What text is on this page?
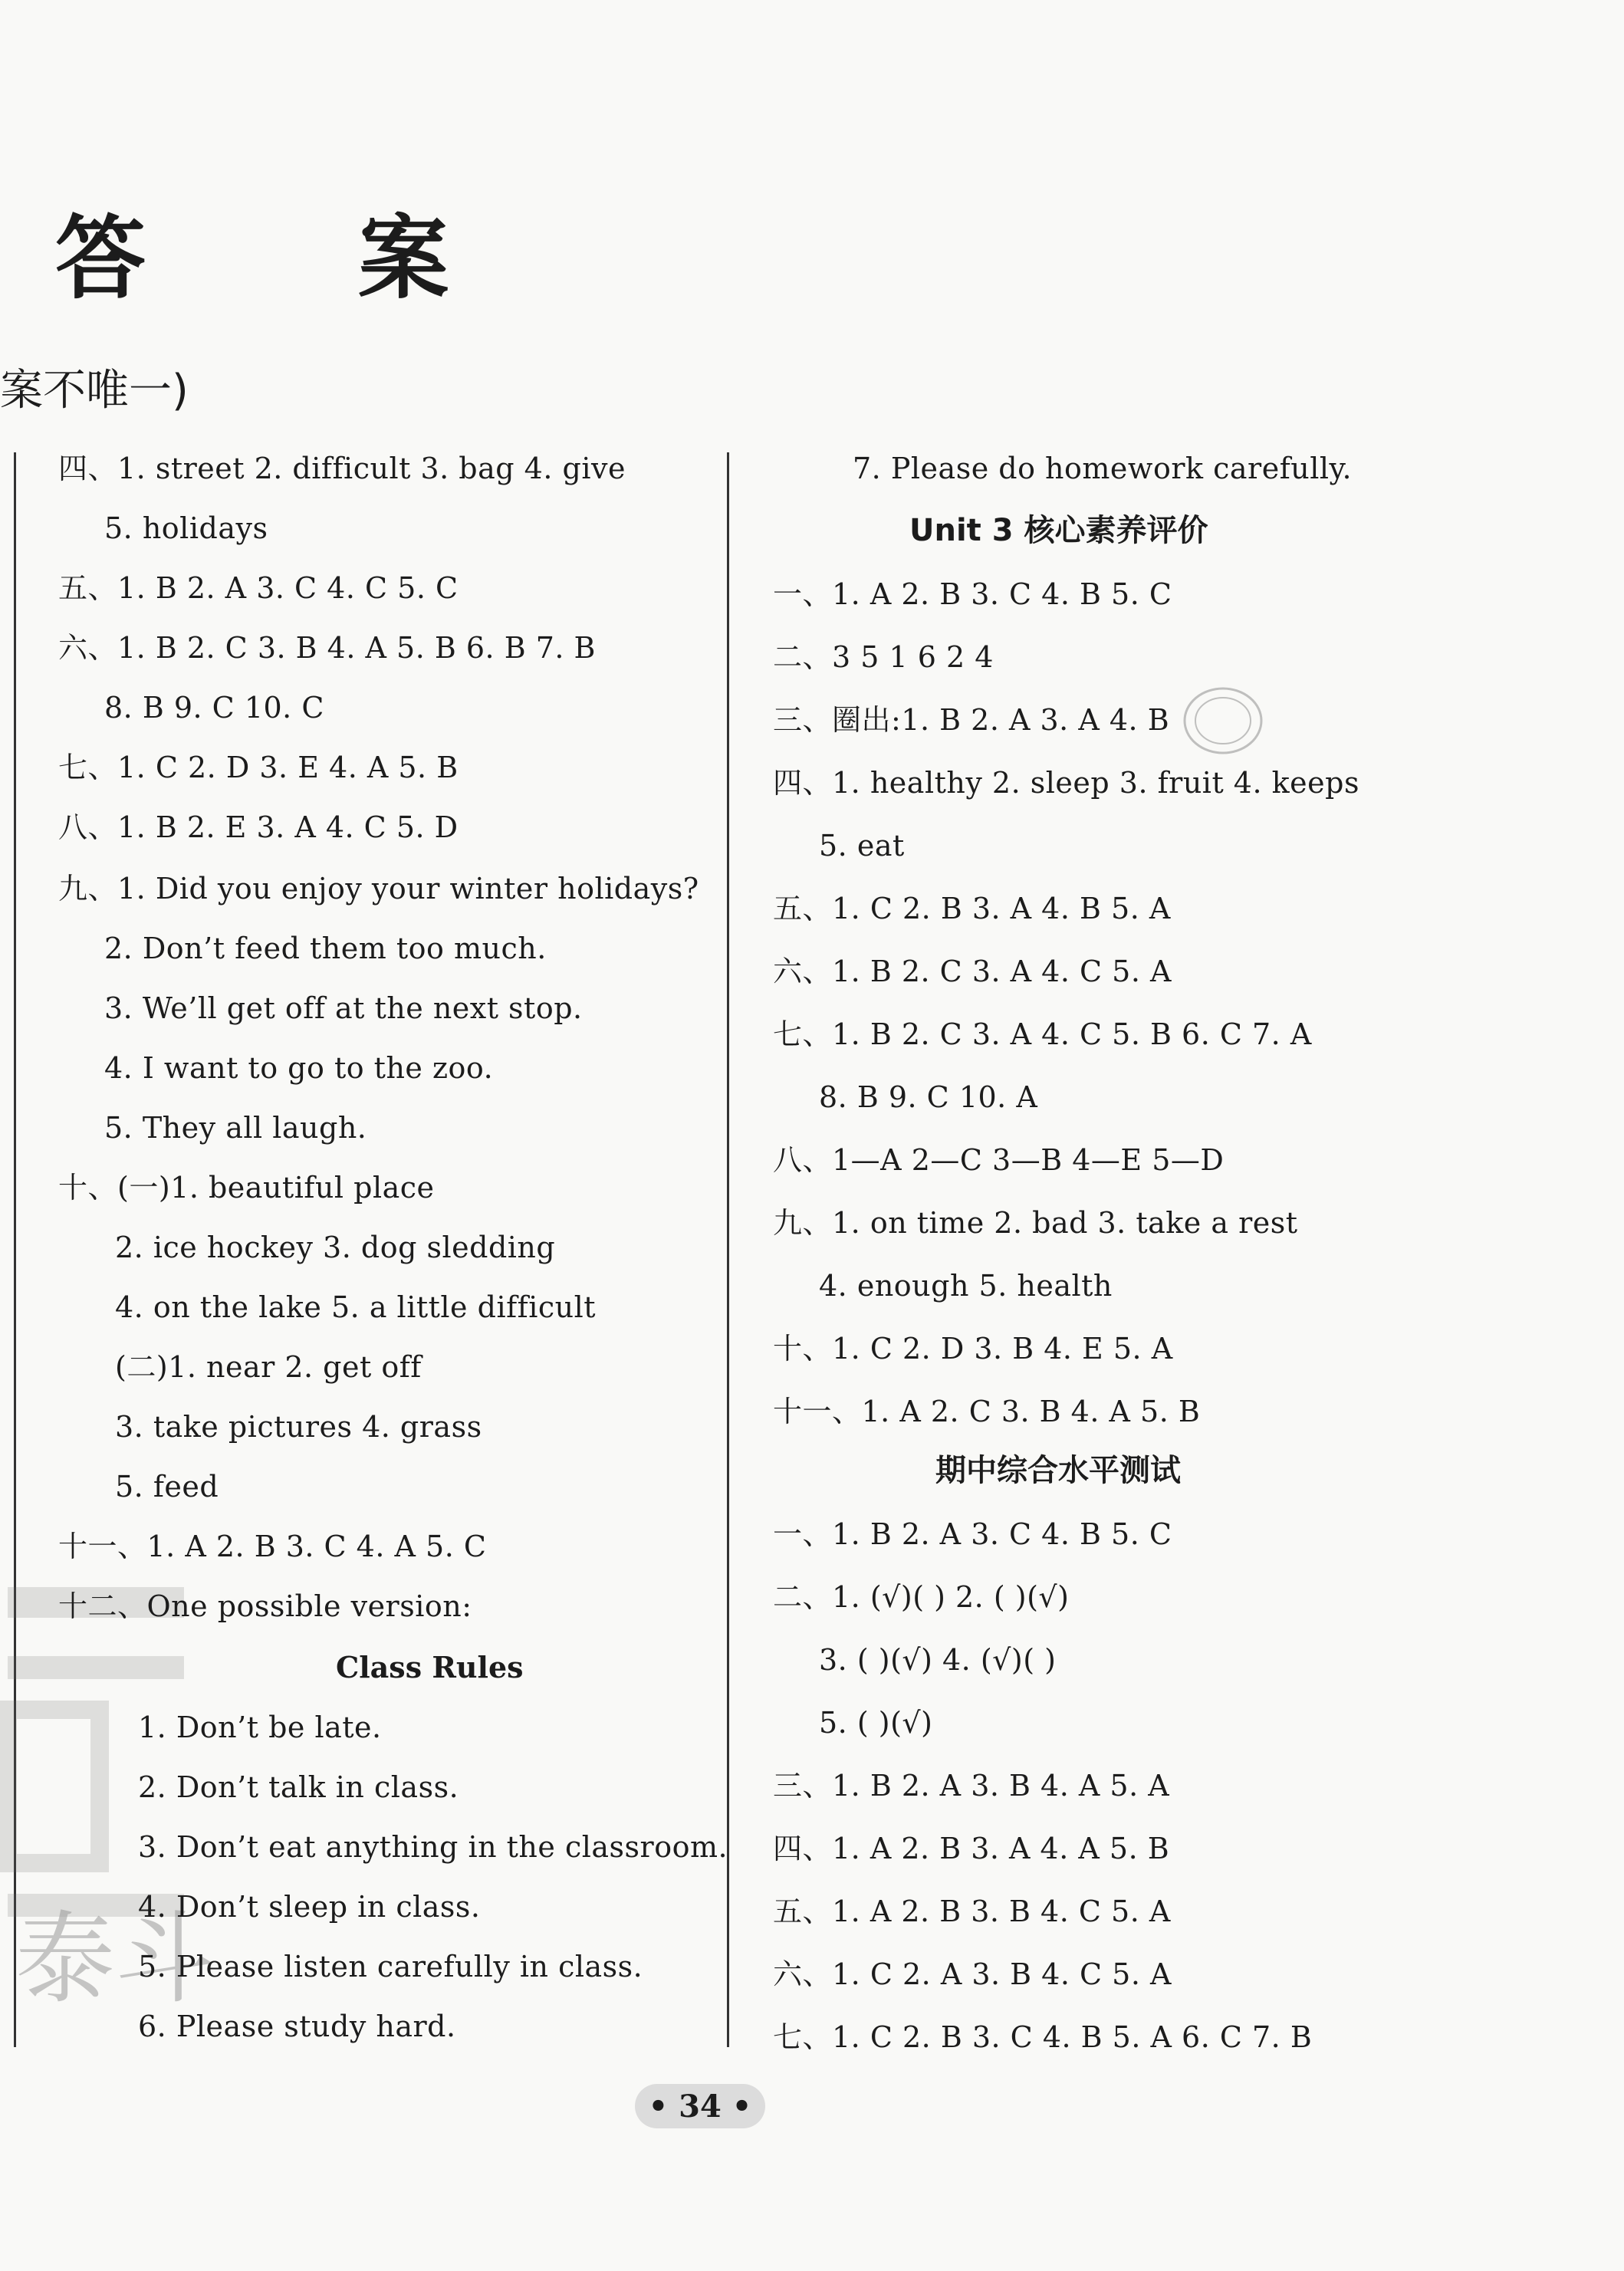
答 案
案不唯一)
泰斗
四、1. street 2. difficult 3. bag 4. give
5. holidays
五、1. B 2. A 3. C 4. C 5. C
六、1. B 2. C 3. B 4. A 5. B 6. B 7. B
8. B 9. C 10. C
七、1. C 2. D 3. E 4. A 5. B
八、1. B 2. E 3. A 4. C 5. D
九、1. Did you enjoy your winter holidays?
2. Don’t feed them too much.
3. We’ll get off at the next stop.
4. I want to go to the zoo.
5. They all laugh.
十、(一)1. beautiful place
2. ice hockey 3. dog sledding
4. on the lake 5. a little difficult
(二)1. near 2. get off
3. take pictures 4. grass
5. feed
十一、1. A 2. B 3. C 4. A 5. C
十二、One possible version:
Class Rules
1. Don’t be late.
2. Don’t talk in class.
3. Don’t eat anything in the classroom.
4. Don’t sleep in class.
5. Please listen carefully in class.
6. Please study hard.
7. Please do homework carefully.
Unit 3 核心素养评价
一、1. A 2. B 3. C 4. B 5. C
二、3 5 1 6 2 4
三、圈出:1. B 2. A 3. A 4. B
四、1. healthy 2. sleep 3. fruit 4. keeps
5. eat
五、1. C 2. B 3. A 4. B 5. A
六、1. B 2. C 3. A 4. C 5. A
七、1. B 2. C 3. A 4. C 5. B 6. C 7. A
8. B 9. C 10. A
八、1—A 2—C 3—B 4—E 5—D
九、1. on time 2. bad 3. take a rest
4. enough 5. health
十、1. C 2. D 3. B 4. E 5. A
十一、1. A 2. C 3. B 4. A 5. B
期中综合水平测试
一、1. B 2. A 3. C 4. B 5. C
二、1. (√)( ) 2. ( )(√)
3. ( )(√) 4. (√)( )
5. ( )(√)
三、1. B 2. A 3. B 4. A 5. A
四、1. A 2. B 3. A 4. A 5. B
五、1. A 2. B 3. B 4. C 5. A
六、1. C 2. A 3. B 4. C 5. A
七、1. C 2. B 3. C 4. B 5. A 6. C 7. B
• 34 •
